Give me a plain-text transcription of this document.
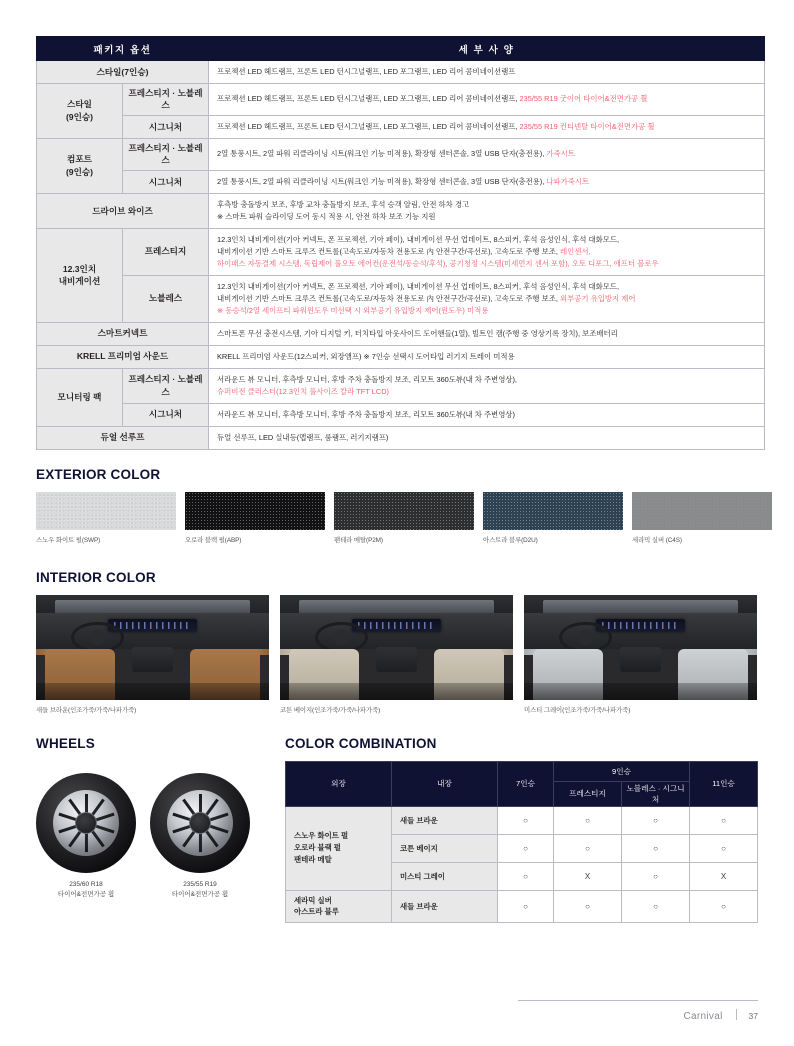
패키지 옵션		세 부 사 양
스타일(7인승)		프로젝션 LED 헤드램프, 프론트 LED 턴시그널램프, LED 포그램프, LED 리어 콤비네이션램프
스타일
(9인승)	프레스티지 · 노블레스	프로젝션 LED 헤드램프, 프론트 LED 턴시그널램프, LED 포그램프, LED 리어 콤비네이션램프, 235/55 R19 굿이어 타이어&전면가공 휠
	시그니처	프로젝션 LED 헤드램프, 프론트 LED 턴시그널램프, LED 포그램프, LED 리어 콤비네이션램프, 235/55 R19 컨티넨탈 타이어&전면가공 휠
컴포트
(9인승)	프레스티지 · 노블레스	2열 통풍시트, 2열 파워 리클라이닝 시트(워크인 기능 미적용), 확장형 센터콘솔, 3열 USB 단자(충전용), 가죽시트
	시그니처	2열 통풍시트, 2열 파워 리클라이닝 시트(워크인 기능 미적용), 확장형 센터콘솔, 3열 USB 단자(충전용), 나파가죽시트
드라이브 와이즈		후측방 충돌방지 보조, 후방 교차 충돌방지 보조, 후석 승객 알림, 안전 하차 경고
※ 스마트 파워 슬라이딩 도어 동시 적용 시, 안전 하차 보조 기능 지원
12.3인치
내비게이션	프레스티지	12.3인치 내비게이션(기아 커넥트, 폰 프로젝션, 기아 페이), 내비게이션 무선 업데이트, 8스피커, 후석 음성인식, 후석 대화모드,
내비게이션 기반 스마트 크루즈 컨트롤(고속도로/자동차 전용도로 內 안전구간/곡선로), 고속도로 주행 보조, 레인센서,
하이패스 자동결제 시스템, 독립제어 풀오토 에어컨(운전석/동승석/후석), 공기청정 시스템(미세먼지 센서 포함), 오토 디포그, 애프터 블로우
	노블레스	12.3인치 내비게이션(기아 커넥트, 폰 프로젝션, 기아 페이), 내비게이션 무선 업데이트, 8스피커, 후석 음성인식, 후석 대화모드,
내비게이션 기반 스마트 크루즈 컨트롤(고속도로/자동차 전용도로 內 안전구간/곡선로), 고속도로 주행 보조, 외부공기 유입방지 제어
※ 동승석/2열 세이프티 파워윈도우 미선택 시 외부공기 유입방지 제어(윈도우) 미적용
스마트커넥트		스마트폰 무선 충전시스템, 기아 디지털 키, 터치타입 아웃사이드 도어핸들(1열), 빌트인 캠(주행 중 영상기록 장치), 보조배터리
KRELL 프리미엄 사운드		KRELL 프리미엄 사운드(12스피커, 외장앰프) ※ 7인승 선택시 도어타입 러기지 트레이 미적용
모니터링 팩	프레스티지 · 노블레스	서라운드 뷰 모니터, 후측방 모니터, 후방 주차 충돌방지 보조, 리모트 360도뷰(내 차 주변영상),
슈퍼비전 클러스터(12.3인치 풀사이즈 칼라 TFT LCD)
	시그니처	서라운드 뷰 모니터, 후측방 모니터, 후방 주차 충돌방지 보조, 리모트 360도뷰(내 차 주변영상)
듀얼 선루프		듀얼 선루프, LED 실내등(맵램프, 룸램프, 러기지램프)
EXTERIOR COLOR
스노우 화이트 펄(SWP)	오로라 블랙 펄(ABP)	팬테라 메탈(P2M)	아스트라 블루(D2U)	세라믹 실버 (C4S)
INTERIOR COLOR
새들 브라운(인조가죽/가죽/나파가죽)	코튼 베이지(인조가죽/가죽/나파가죽)	미스티 그레이(인조가죽/가죽/나파가죽)
WHEELS
235/60 R18
타이어&전면가공 휠
235/55 R19
타이어&전면가공 휠
COLOR COMBINATION
외장	내장	7인승	9인승		11인승
			프레스티지	노블레스 · 시그니처	
스노우 화이트 펄
오로라 블랙 펄
팬테라 메탈	새들 브라운	○	○	○	○
	코튼 베이지	○	○	○	○
	미스티 그레이	○	X	○	X
세라믹 실버
아스트라 블루	새들 브라운	○	○	○	○
Carnival	37
